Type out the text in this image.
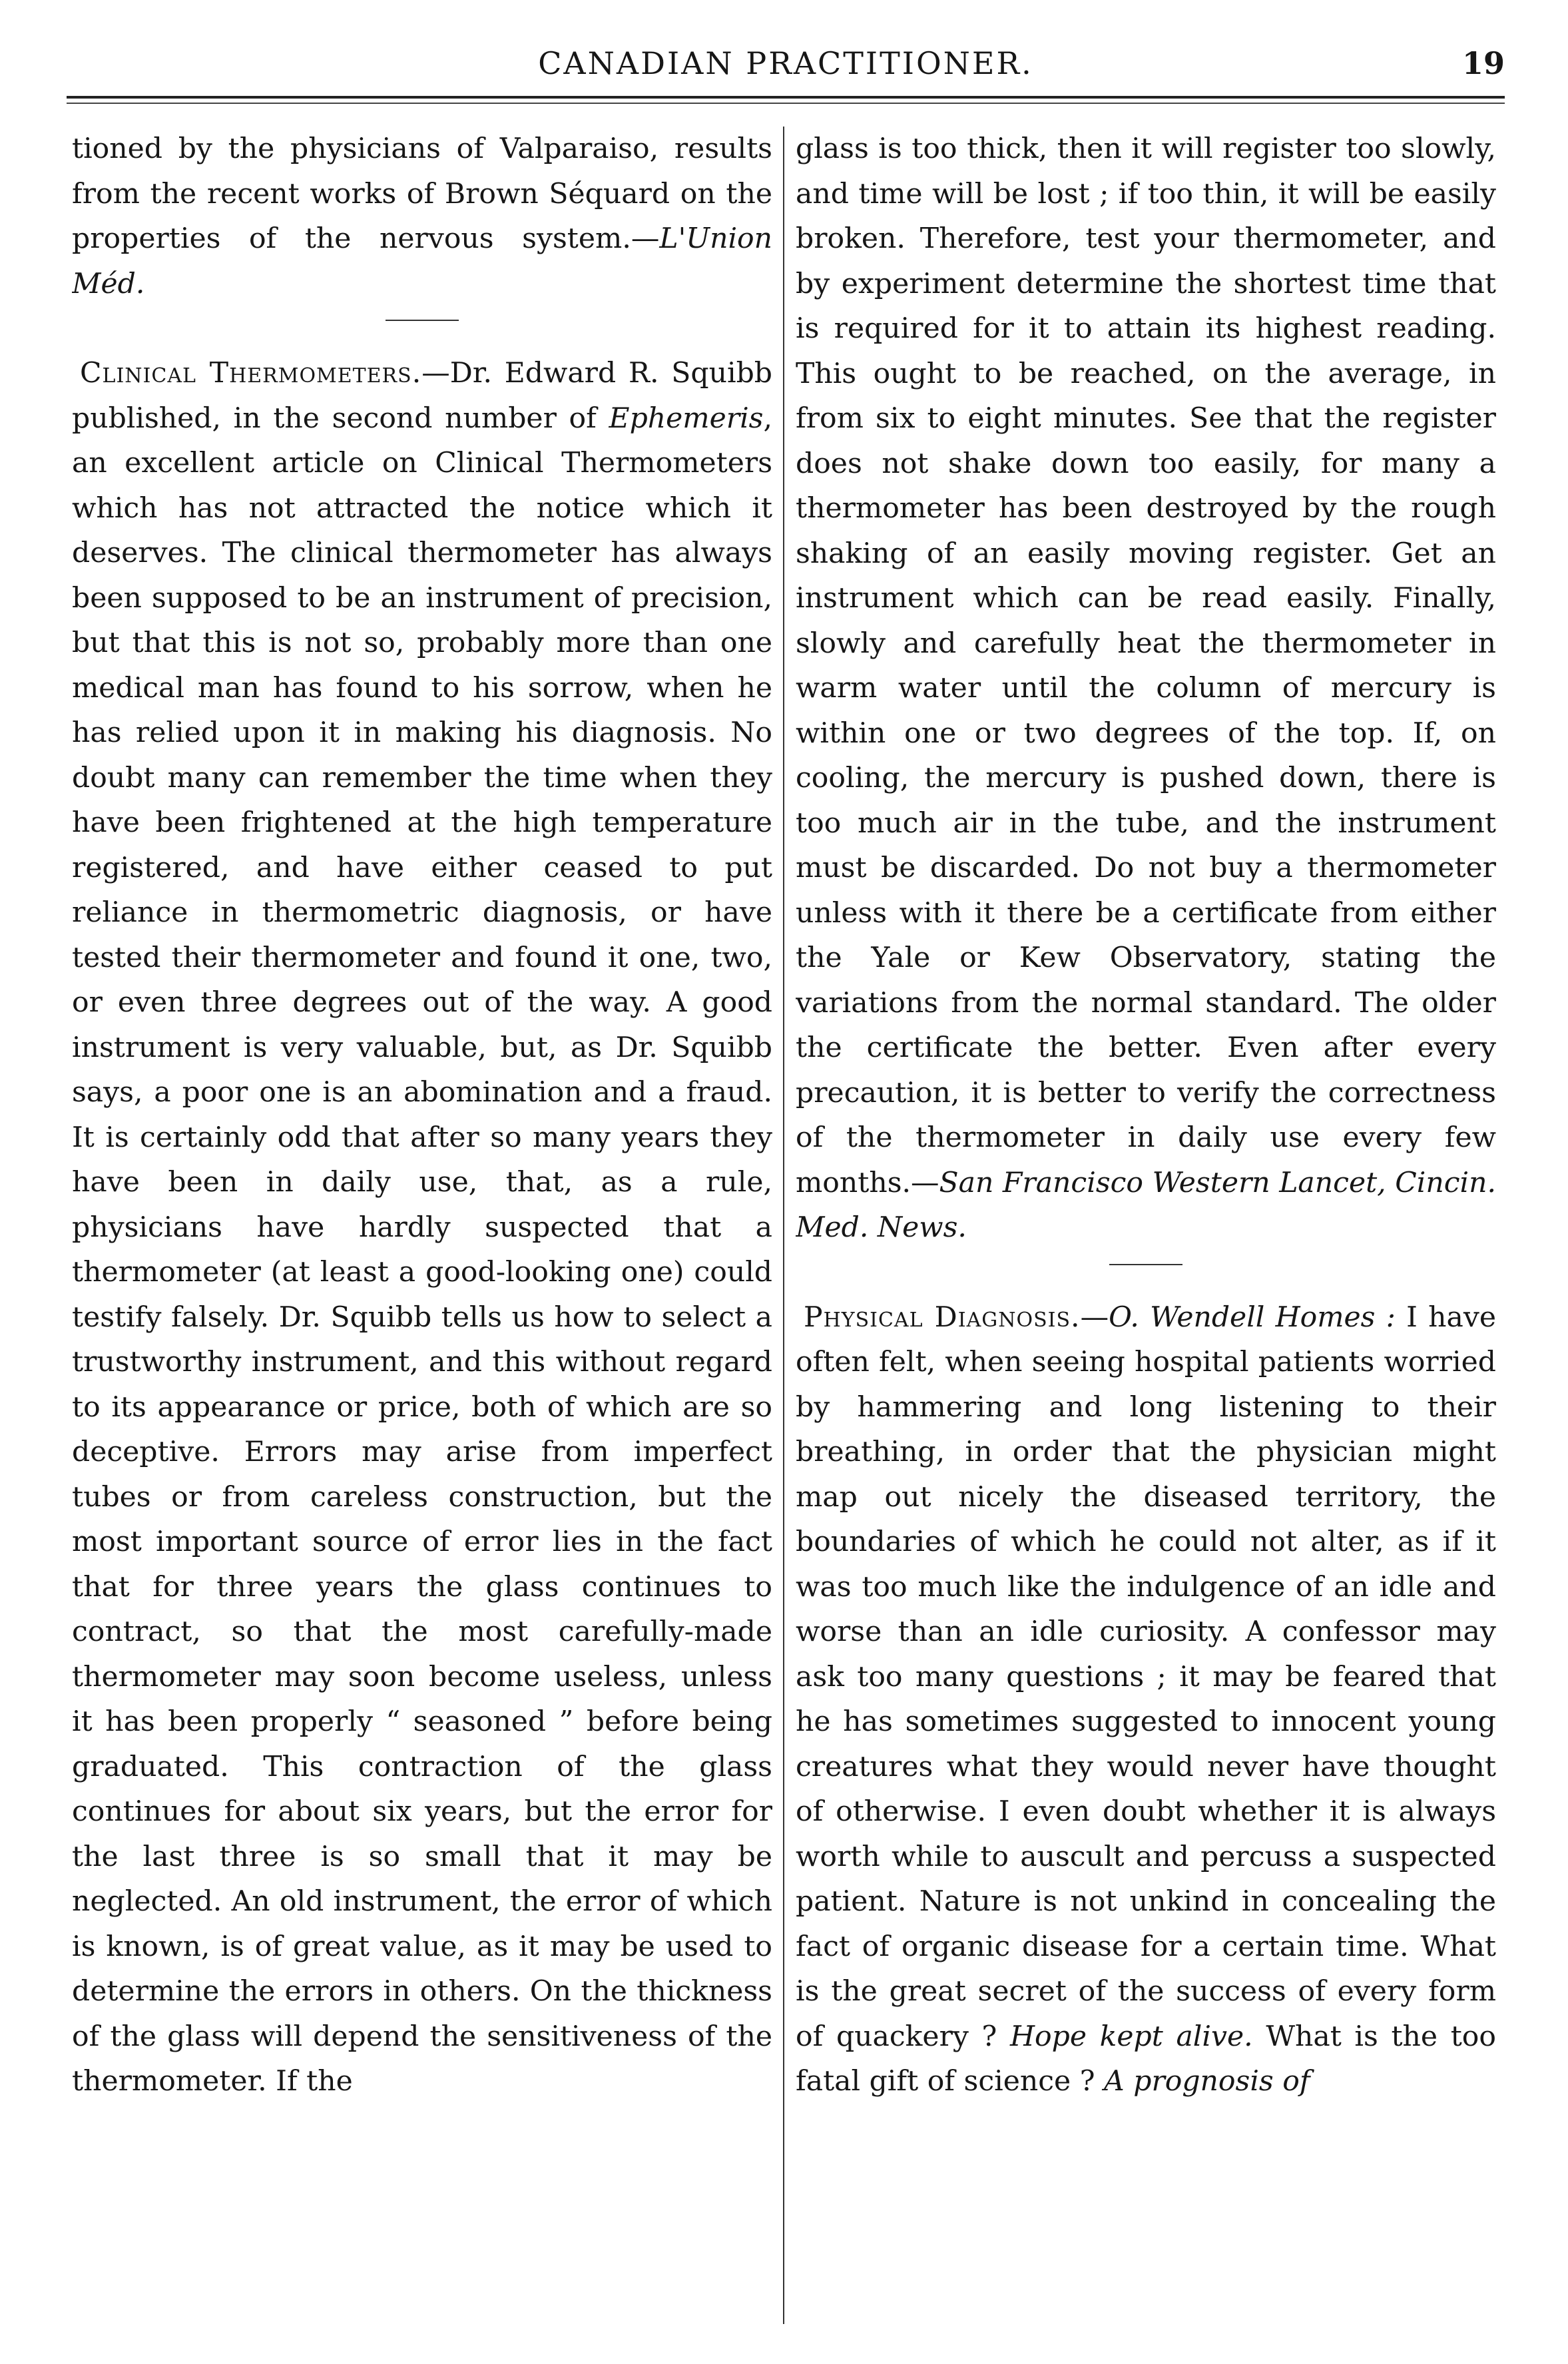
CANADIAN PRACTITIONER.	19

tioned by the physicians of Valparaiso, results from the recent works of Brown Séquard on the properties of the nervous system.—L'Union Méd.

Clinical Thermometers.—Dr. Edward R. Squibb published, in the second number of Ephemeris, an excellent article on Clinical Thermometers which has not attracted the notice which it deserves. The clinical thermometer has always been supposed to be an instrument of precision, but that this is not so, probably more than one medical man has found to his sorrow, when he has relied upon it in making his diagnosis. No doubt many can remember the time when they have been frightened at the high temperature registered, and have either ceased to put reliance in thermometric diagnosis, or have tested their thermometer and found it one, two, or even three degrees out of the way. A good instrument is very valuable, but, as Dr. Squibb says, a poor one is an abomination and a fraud. It is certainly odd that after so many years they have been in daily use, that, as a rule, physicians have hardly suspected that a thermometer (at least a good-looking one) could testify falsely. Dr. Squibb tells us how to select a trustworthy instrument, and this without regard to its appearance or price, both of which are so deceptive. Errors may arise from imperfect tubes or from careless construction, but the most important source of error lies in the fact that for three years the glass continues to contract, so that the most carefully-made thermometer may soon become useless, unless it has been properly “ seasoned ” before being graduated. This contraction of the glass continues for about six years, but the error for the last three is so small that it may be neglected. An old instrument, the error of which is known, is of great value, as it may be used to determine the errors in others. On the thickness of the glass will depend the sensitiveness of the thermometer. If the

glass is too thick, then it will register too slowly, and time will be lost ; if too thin, it will be easily broken. Therefore, test your thermometer, and by experiment determine the shortest time that is required for it to attain its highest reading. This ought to be reached, on the average, in from six to eight minutes. See that the register does not shake down too easily, for many a thermometer has been destroyed by the rough shaking of an easily moving register. Get an instrument which can be read easily. Finally, slowly and carefully heat the thermometer in warm water until the column of mercury is within one or two degrees of the top. If, on cooling, the mercury is pushed down, there is too much air in the tube, and the instrument must be discarded. Do not buy a thermometer unless with it there be a certificate from either the Yale or Kew Observatory, stating the variations from the normal standard. The older the certificate the better. Even after every precaution, it is better to verify the correctness of the thermometer in daily use every few months.—San Francisco Western Lancet, Cincin. Med. News.

Physical Diagnosis.—O. Wendell Homes : I have often felt, when seeing hospital patients worried by hammering and long listening to their breathing, in order that the physician might map out nicely the diseased territory, the boundaries of which he could not alter, as if it was too much like the indulgence of an idle and worse than an idle curiosity. A confessor may ask too many questions ; it may be feared that he has sometimes suggested to innocent young creatures what they would never have thought of otherwise. I even doubt whether it is always worth while to auscult and percuss a suspected patient. Nature is not unkind in concealing the fact of organic disease for a certain time. What is the great secret of the success of every form of quackery ? Hope kept alive. What is the too fatal gift of science ? A prognosis of
